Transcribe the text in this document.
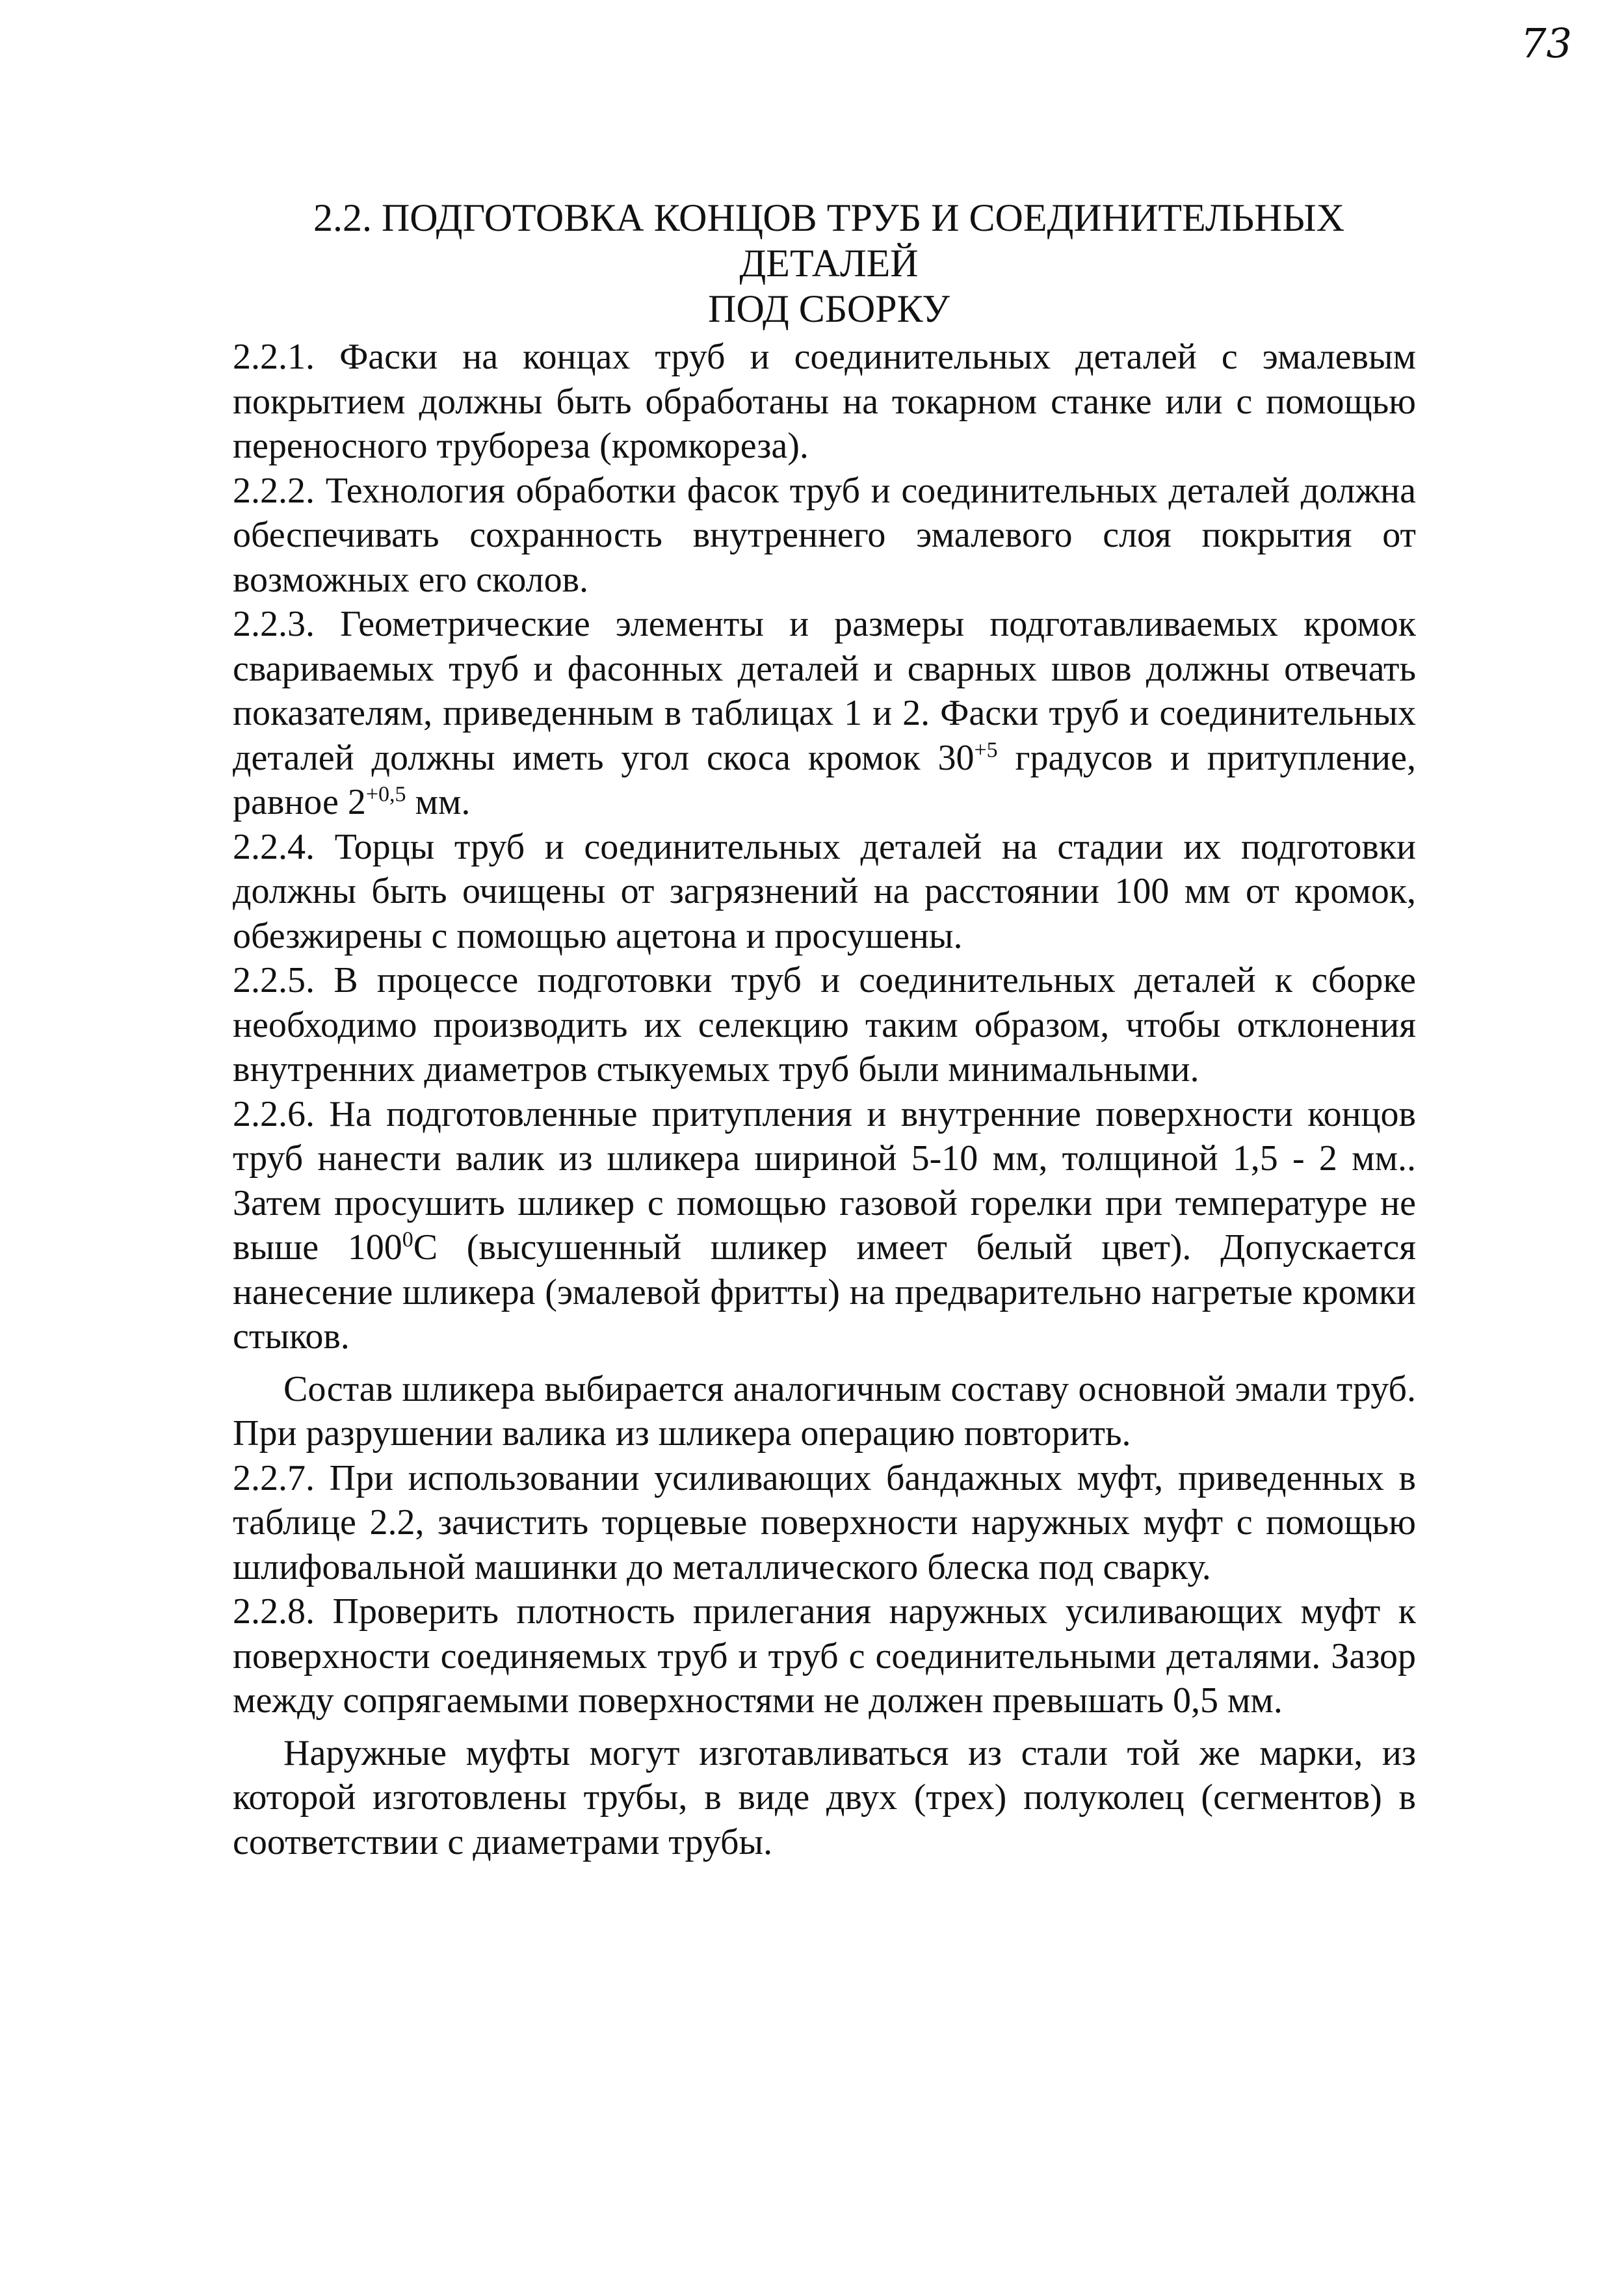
73
2.2. ПОДГОТОВКА КОНЦОВ ТРУБ И СОЕДИНИТЕЛЬНЫХ ДЕТАЛЕЙ
ПОД СБОРКУ

2.2.1. Фаски на концах труб и соединительных деталей с эмалевым покрытием должны быть обработаны на токарном станке или с помощью переносного трубореза (кромкореза).

2.2.2. Технология обработки фасок труб и соединительных деталей должна обеспечивать сохранность внутреннего эмалевого слоя покрытия от возможных его сколов.

2.2.3. Геометрические элементы и размеры подготавливаемых кромок свариваемых труб и фасонных деталей и сварных швов должны отвечать показателям, приведенным в таблицах 1 и 2. Фаски труб и соединительных деталей должны иметь угол скоса кромок $30^{+5}$ градусов и притупление, равное $2^{+0,5}$ мм.

2.2.4. Торцы труб и соединительных деталей на стадии их подготовки должны быть очищены от загрязнений на расстоянии 100 мм от кромок, обезжирены с помощью ацетона и просушены.

2.2.5. В процессе подготовки труб и соединительных деталей к сборке необходимо производить их селекцию таким образом, чтобы отклонения внутренних диаметров стыкуемых труб были минимальными.

2.2.6. На подготовленные притупления и внутренние поверхности концов труб нанести валик из шликера шириной 5-10 мм, толщиной 1,5 - 2 мм.. Затем просушить шликер с помощью газовой горелки при температуре не выше $100^0С$ (высушенный шликер имеет белый цвет). Допускается нанесение шликера (эмалевой фритты) на предварительно нагретые кромки стыков.

Состав шликера выбирается аналогичным составу основной эмали труб. При разрушении валика из шликера операцию повторить.

2.2.7. При использовании усиливающих бандажных муфт, приведенных в таблице 2.2, зачистить торцевые поверхности наружных муфт с помощью шлифовальной машинки до металлического блеска под сварку.

2.2.8. Проверить плотность прилегания наружных усиливающих муфт к поверхности соединяемых труб и труб с соединительными деталями. Зазор между сопрягаемыми поверхностями не должен превышать 0,5 мм.

Наружные муфты могут изготавливаться из стали той же марки, из которой изготовлены трубы, в виде двух (трех) полуколец (сегментов) в соответствии с диаметрами трубы.
